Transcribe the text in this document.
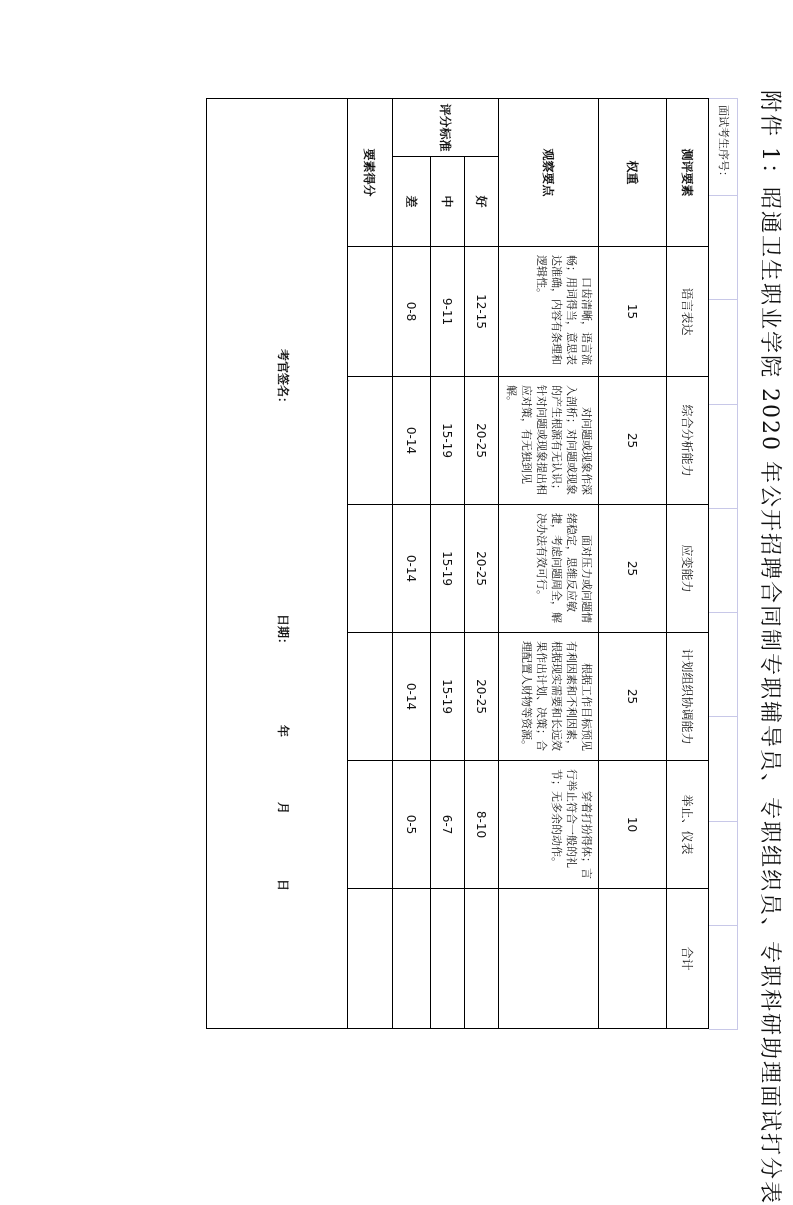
附件 1：昭通卫生职业学院 2020 年公开招聘合同制专职辅导员、专职组织员、专职科研助理面试打分表
面试考生序号：
测评要素		语言表达	综合分析能力	应变能力	计划组织协调能力	举止、仪表	合计
权重		15	25	25	25	10	
观察要点		口齿清晰，语言流畅；用词得当，意思表达准确，内容有条理和逻辑性。	对问题或现象作深入剖析；对问题或现象的产生根源有无认识；针对问题或现象提出相应对策，有无独到见解。	面对压力或问题情绪稳定，思维反应敏捷，考虑问题周全，解决办法有效可行。	根据工作目标预见有利因素和不利因素，根据现实需要和长远效果作出计划、决策；合理配置人财物等资源。	穿着打扮得体；言行举止符合一般的礼节；无多余的动作。	

评分标准	好	12-15	20-25	20-25	20-25	8-10	
	中	9-11	15-19	15-19	15-19	6-7	
	差	0-8	0-14	0-14	0-14	0-5	
要素得分							

考官签名：
日期：
年
月
日							
